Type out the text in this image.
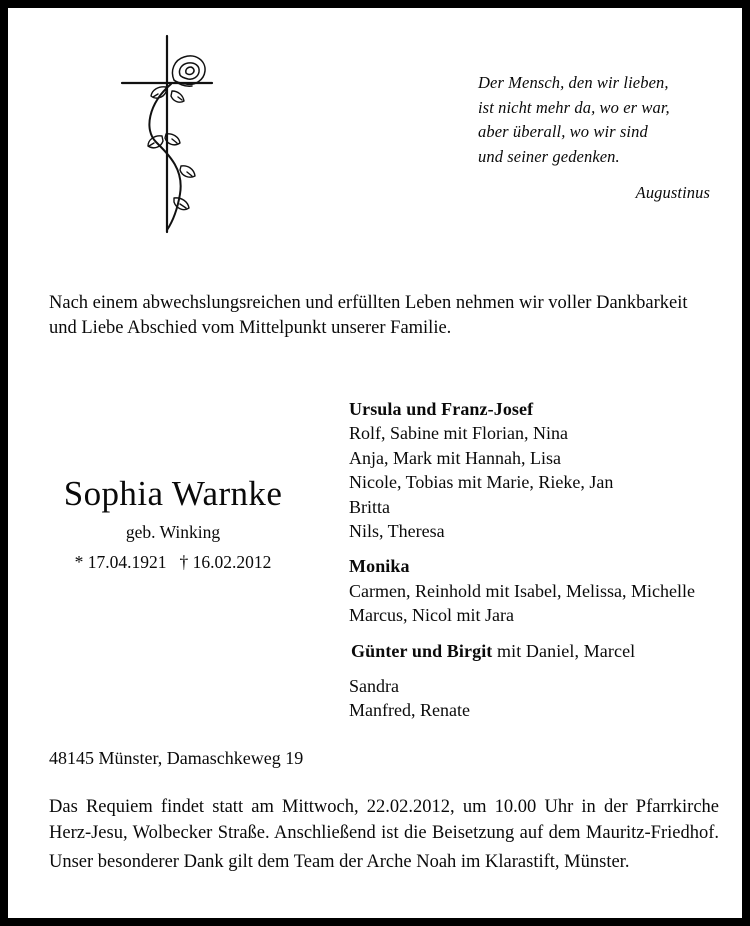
Der Mensch, den wir lieben,
ist nicht mehr da, wo er war,
aber überall, wo wir sind
und seiner gedenken.
Augustinus
Nach einem abwechslungsreichen und erfüllten Leben nehmen wir voller Dankbarkeit und Liebe Abschied vom Mittelpunkt unserer Familie.
Sophia Warnke
geb. Winking
* 17.04.1921 † 16.02.2012
Ursula und Franz-Josef
Rolf, Sabine mit Florian, Nina
Anja, Mark mit Hannah, Lisa
Nicole, Tobias mit Marie, Rieke, Jan
Britta
Nils, Theresa
Monika
Carmen, Reinhold mit Isabel, Melissa, Michelle
Marcus, Nicol mit Jara
Günter und Birgit mit Daniel, Marcel
Sandra
Manfred, Renate
48145 Münster, Damaschkeweg 19
Das Requiem findet statt am Mittwoch, 22.02.2012, um 10.00 Uhr in der Pfarrkirche Herz-Jesu, Wolbecker Straße. Anschließend ist die Beisetzung auf dem Mauritz-Friedhof.
Unser besonderer Dank gilt dem Team der Arche Noah im Klarastift, Münster.
